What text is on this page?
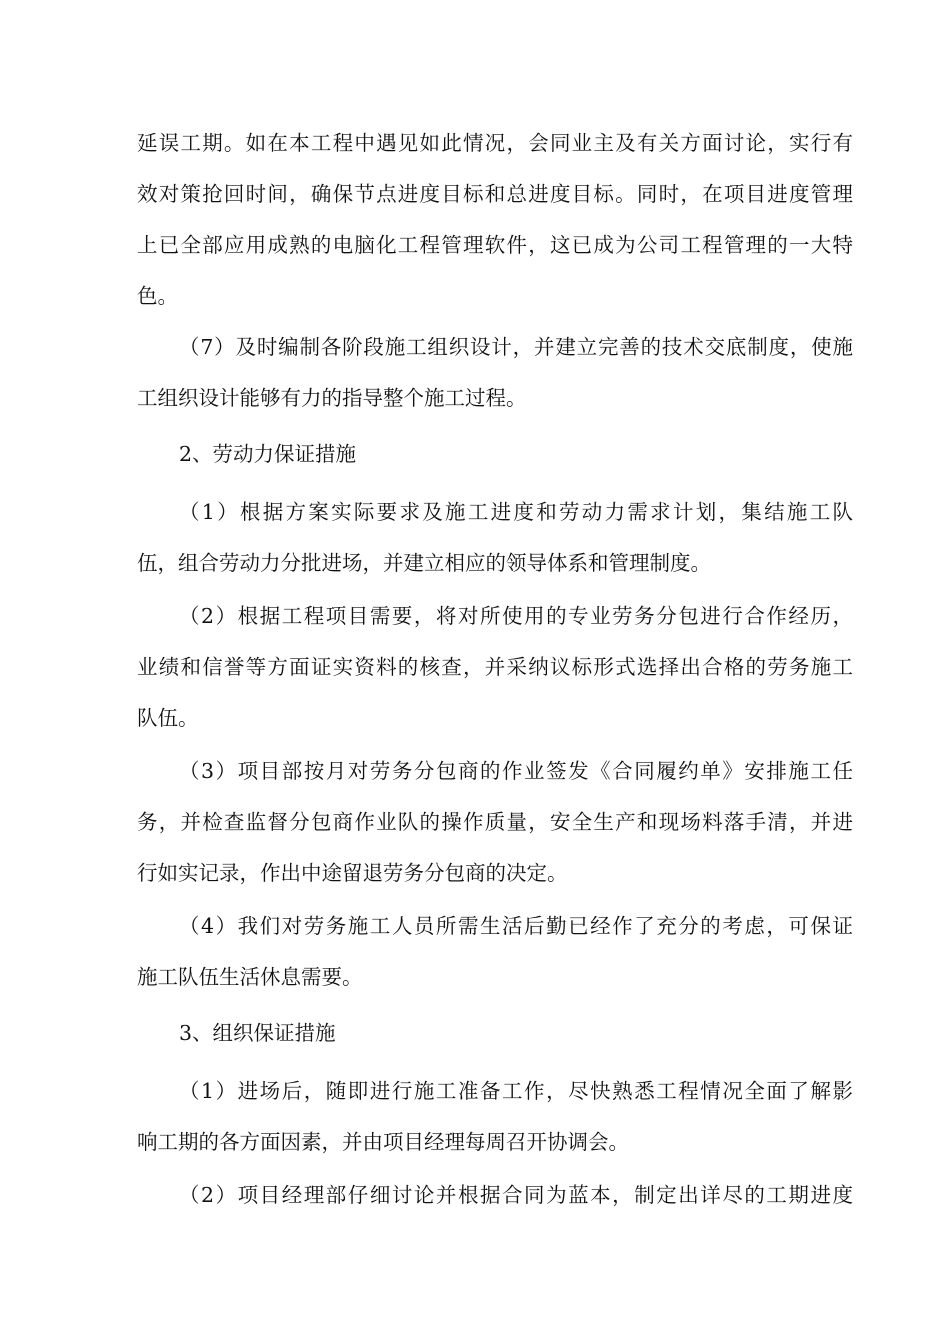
延误工期。如在本工程中遇见如此情况，会同业主及有关方面讨论，实行有
效对策抢回时间，确保节点进度目标和总进度目标。同时，在项目进度管理
上已全部应用成熟的电脑化工程管理软件，这已成为公司工程管理的一大特
色。
（7）及时编制各阶段施工组织设计，并建立完善的技术交底制度，使施
工组织设计能够有力的指导整个施工过程。
2、劳动力保证措施
（1）根据方案实际要求及施工进度和劳动力需求计划，集结施工队
伍，组合劳动力分批进场，并建立相应的领导体系和管理制度。
（2）根据工程项目需要，将对所使用的专业劳务分包进行合作经历，
业绩和信誉等方面证实资料的核查，并采纳议标形式选择出合格的劳务施工
队伍。
（3）项目部按月对劳务分包商的作业签发《合同履约单》安排施工任
务，并检查监督分包商作业队的操作质量，安全生产和现场料落手清，并进
行如实记录，作出中途留退劳务分包商的决定。
（4）我们对劳务施工人员所需生活后勤已经作了充分的考虑，可保证
施工队伍生活休息需要。
3、组织保证措施
（1）进场后，随即进行施工准备工作，尽快熟悉工程情况全面了解影
响工期的各方面因素，并由项目经理每周召开协调会。
（2）项目经理部仔细讨论并根据合同为蓝本，制定出详尽的工期进度
